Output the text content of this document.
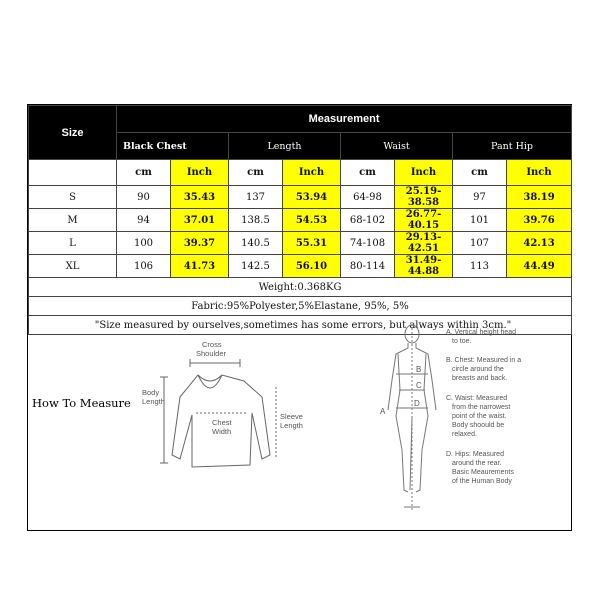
Size	Measurement							
	Black Chest		Length		Waist		Pant Hip	
	cm	Inch	cm	Inch	cm	Inch	cm	Inch
S	90	35.43	137	53.94	64-98	25.19-38.58	97	38.19
M	94	37.01	138.5	54.53	68-102	26.77-40.15	101	39.76
L	100	39.37	140.5	55.31	74-108	29.13-42.51	107	42.13
XL	106	41.73	142.5	56.10	80-114	31.49-44.88	113	44.49
Weight:0.368KG								
Fabric:95%Polyester,5%Elastane, 95%, 5%								
"Size measured by ourselves,sometimes has some errors, but always within 3cm."								
How To Measure
Cross
Shoulder
Body
Length
Chest
Width
Sleeve
Length
B
C
D
A
A. Vertical height head
to toe.
B. Chest: Measured in a
circle around the
breasts and back.
C. Waist: Measured
from the narrowest
point of the waist.
Body shoould be
relaxed.
D. Hips: Measured
around the rear.
Basic Meaurements
of the Human Body
